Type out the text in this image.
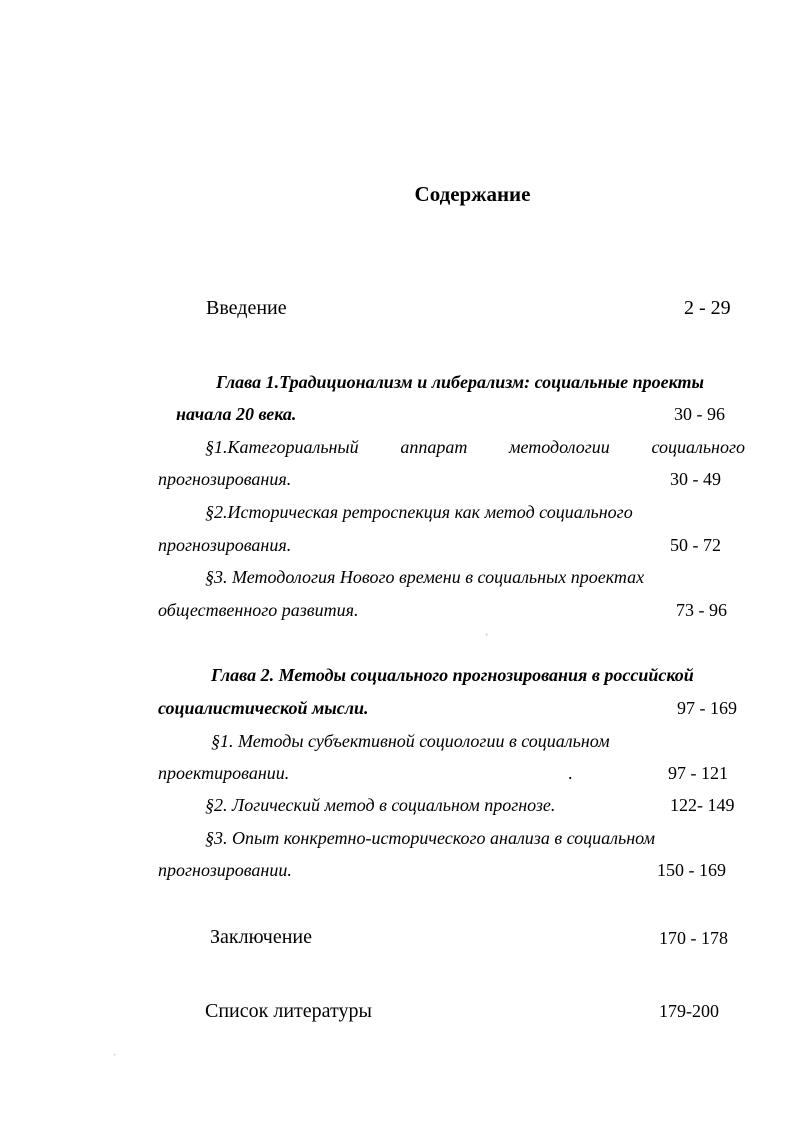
Содержание
Введение	2 - 29
Глава 1.Традиционализм и либерализм: социальные проекты
начала 20 века.	30 - 96
§1.Категориальный аппарат методологии социального
прогнозирования.	30 - 49
§2.Историческая ретроспекция как метод социального
прогнозирования.	50 - 72
§3. Методология Нового времени в социальных проектах
общественного развития.	73 - 96
Глава 2. Методы социального прогнозирования в российской
социалистической мысли.	97 - 169
§1. Методы субъективной социологии в социальном
проектировании.	.	97 - 121
§2. Логический метод в социальном прогнозе.	122- 149
§3. Опыт конкретно-исторического анализа в социальном
прогнозировании.	150 - 169
Заключение	170 - 178
Список литературы	179-200
·
·
